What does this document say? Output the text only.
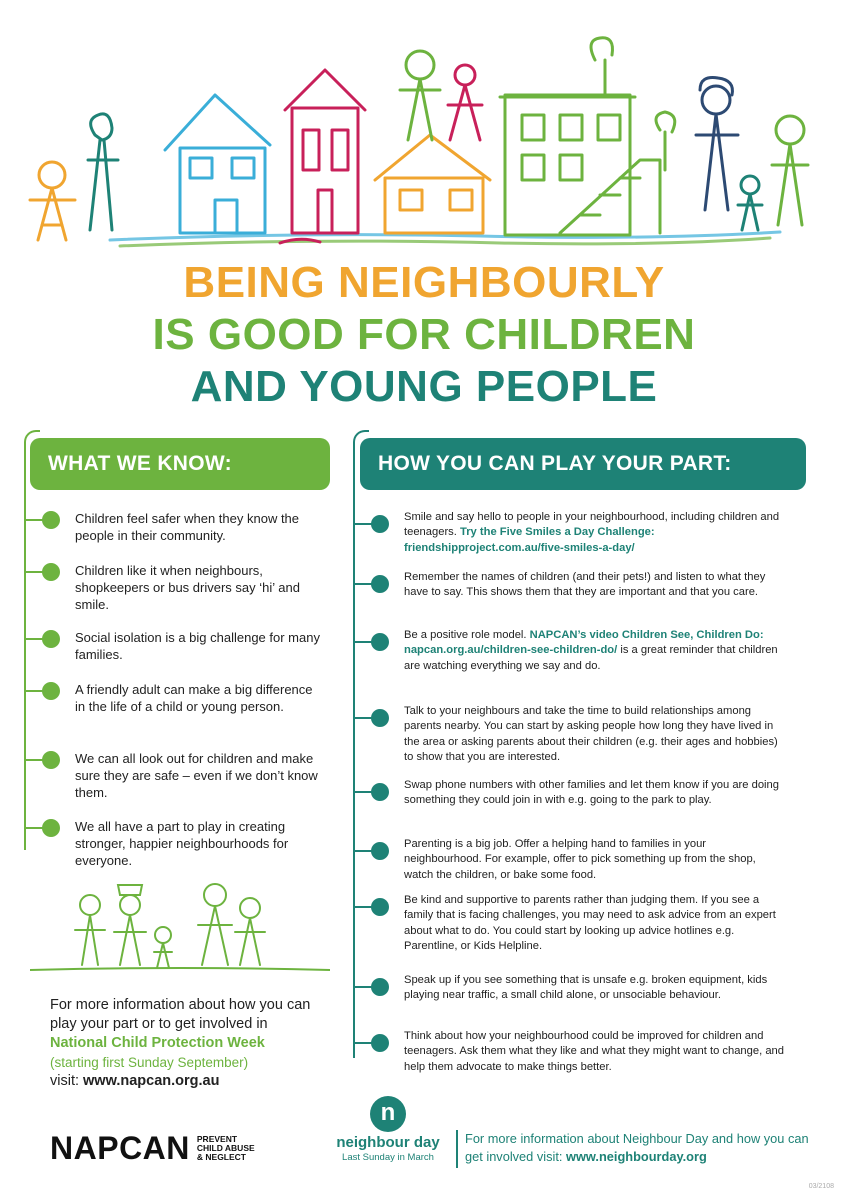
BEING NEIGHBOURLY
IS GOOD FOR CHILDREN
AND YOUNG PEOPLE
WHAT WE KNOW:	HOW YOU CAN PLAY YOUR PART:
Children feel safer when they know the people in their community.
Children like it when neighbours, shopkeepers or bus drivers say ‘hi’ and smile.
Social isolation is a big challenge for many families.
A friendly adult can make a big difference in the life of a child or young person.
We can all look out for children and make sure they are safe – even if we don’t know them.
We all have a part to play in creating stronger, happier neighbourhoods for everyone.
Smile and say hello to people in your neighbourhood, including children and teenagers. Try the Five Smiles a Day Challenge: friendshipproject.com.au/five-smiles-a-day/
Remember the names of children (and their pets!) and listen to what they have to say. This shows them that they are important and that you care.
Be a positive role model. NAPCAN’s video Children See, Children Do: napcan.org.au/children-see-children-do/ is a great reminder that children are watching everything we say and do.
Talk to your neighbours and take the time to build relationships among parents nearby. You can start by asking people how long they have lived in the area or asking parents about their children (e.g. their ages and hobbies) to show that you are interested.
Swap phone numbers with other families and let them know if you are doing something they could join in with e.g. going to the park to play.
Parenting is a big job. Offer a helping hand to families in your neighbourhood. For example, offer to pick something up from the shop, watch the children, or bake some food.
Be kind and supportive to parents rather than judging them. If you see a family that is facing challenges, you may need to ask advice from an expert about what to do. You could start by looking up advice hotlines e.g. Parentline, or Kids Helpline.
Speak up if you see something that is unsafe e.g. broken equipment, kids playing near traffic, a small child alone, or unsociable behaviour.
Think about how your neighbourhood could be improved for children and teenagers. Ask them what they like and what they might want to change, and help them advocate to make things better.
For more information about how you can play your part or to get involved in
National Child Protection Week
(starting first Sunday September)
visit: www.napcan.org.au
NAPCAN PREVENT
CHILD ABUSE
& NEGLECT
n
neighbour day
Last Sunday in March
For more information about Neighbour Day and how you can get involved visit: www.neighbourday.org
03/2108
